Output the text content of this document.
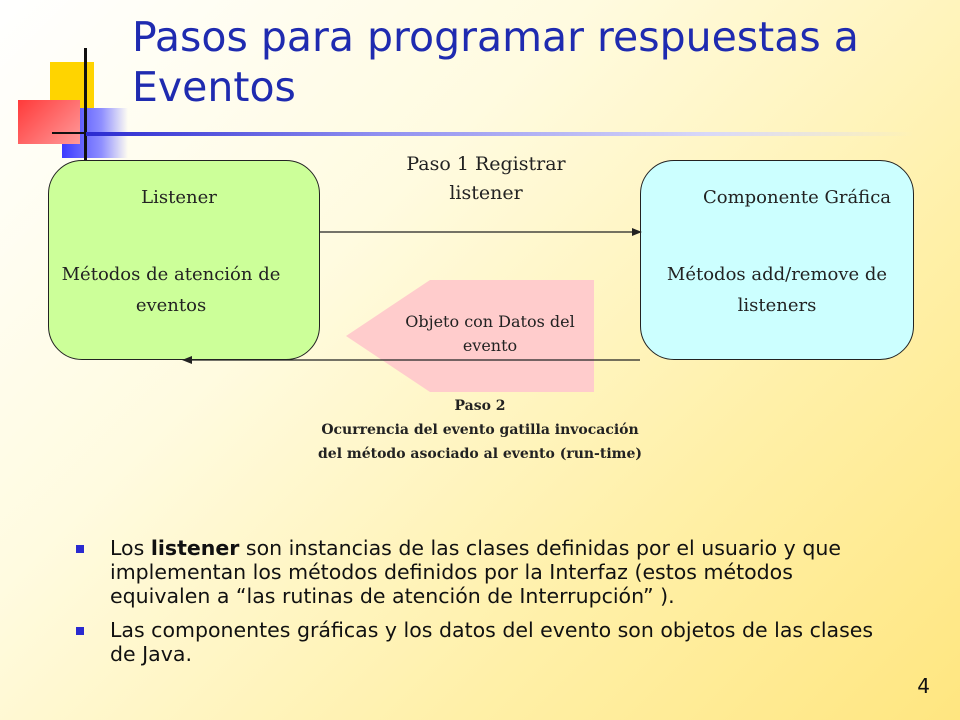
Pasos para programar respuestas a Eventos
Listener
Métodos de atención de eventos
Componente Gráfica
Métodos add/remove de listeners
Paso 1 Registrar listener
Objeto con Datos del evento
Paso 2
Ocurrencia del evento gatilla invocación
del método asociado al evento (run-time)
Los listener son instancias de las clases definidas por el usuario y que implementan los métodos definidos por la Interfaz (estos métodos equivalen a “las rutinas de atención de Interrupción” ).
Las componentes gráficas y los datos del evento son objetos de las clases de Java.
4
